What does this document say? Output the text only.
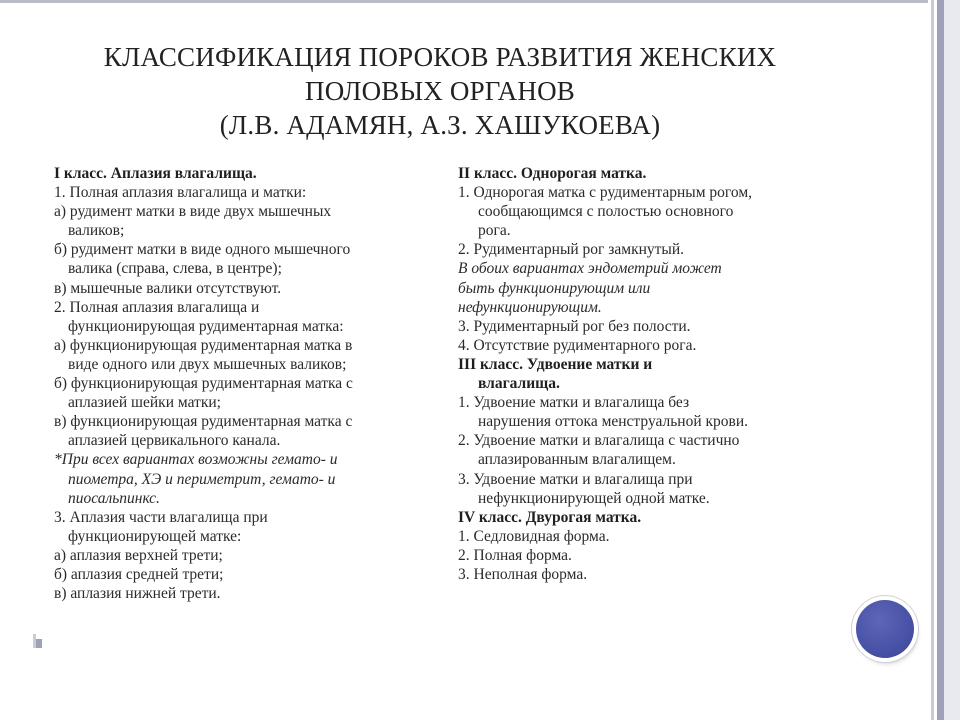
КЛАССИФИКАЦИЯ ПОРОКОВ РАЗВИТИЯ ЖЕНСКИХ
ПОЛОВЫХ ОРГАНОВ
(Л.В. АДАМЯН, А.З. ХАШУКОЕВА)
I класс. Аплазия влагалища.
1. Полная аплазия влагалища и матки:
а) рудимент матки в виде двух мышечных
валиков;
б) рудимент матки в виде одного мышечного
валика (справа, слева, в центре);
в) мышечные валики отсутствуют.
2. Полная аплазия влагалища и
функционирующая рудиментарная матка:
а) функционирующая рудиментарная матка в
виде одного или двух мышечных валиков;
б) функционирующая рудиментарная матка с
аплазией шейки матки;
в) функционирующая рудиментарная матка с
аплазией цервикального канала.
*При всех вариантах возможны гемато- и
пиометра, ХЭ и периметрит, гемато- и
пиосальпинкс.
3. Аплазия части влагалища при
функционирующей матке:
а) аплазия верхней трети;
б) аплазия средней трети;
в) аплазия нижней трети.
II класс. Однорогая матка.
1. Однорогая матка с рудиментарным рогом,
сообщающимся с полостью основного
рога.
2. Рудиментарный рог замкнутый.
В обоих вариантах эндометрий может
быть функционирующим или
нефункционирующим.
3. Рудиментарный рог без полости.
4. Отсутствие рудиментарного рога.
III класс. Удвоение матки и
влагалища.
1. Удвоение матки и влагалища без
нарушения оттока менструальной крови.
2. Удвоение матки и влагалища с частично
аплазированным влагалищем.
3. Удвоение матки и влагалища при
нефункционирующей одной матке.
IV класс. Двурогая матка.
1. Седловидная форма.
2. Полная форма.
3. Неполная форма.
